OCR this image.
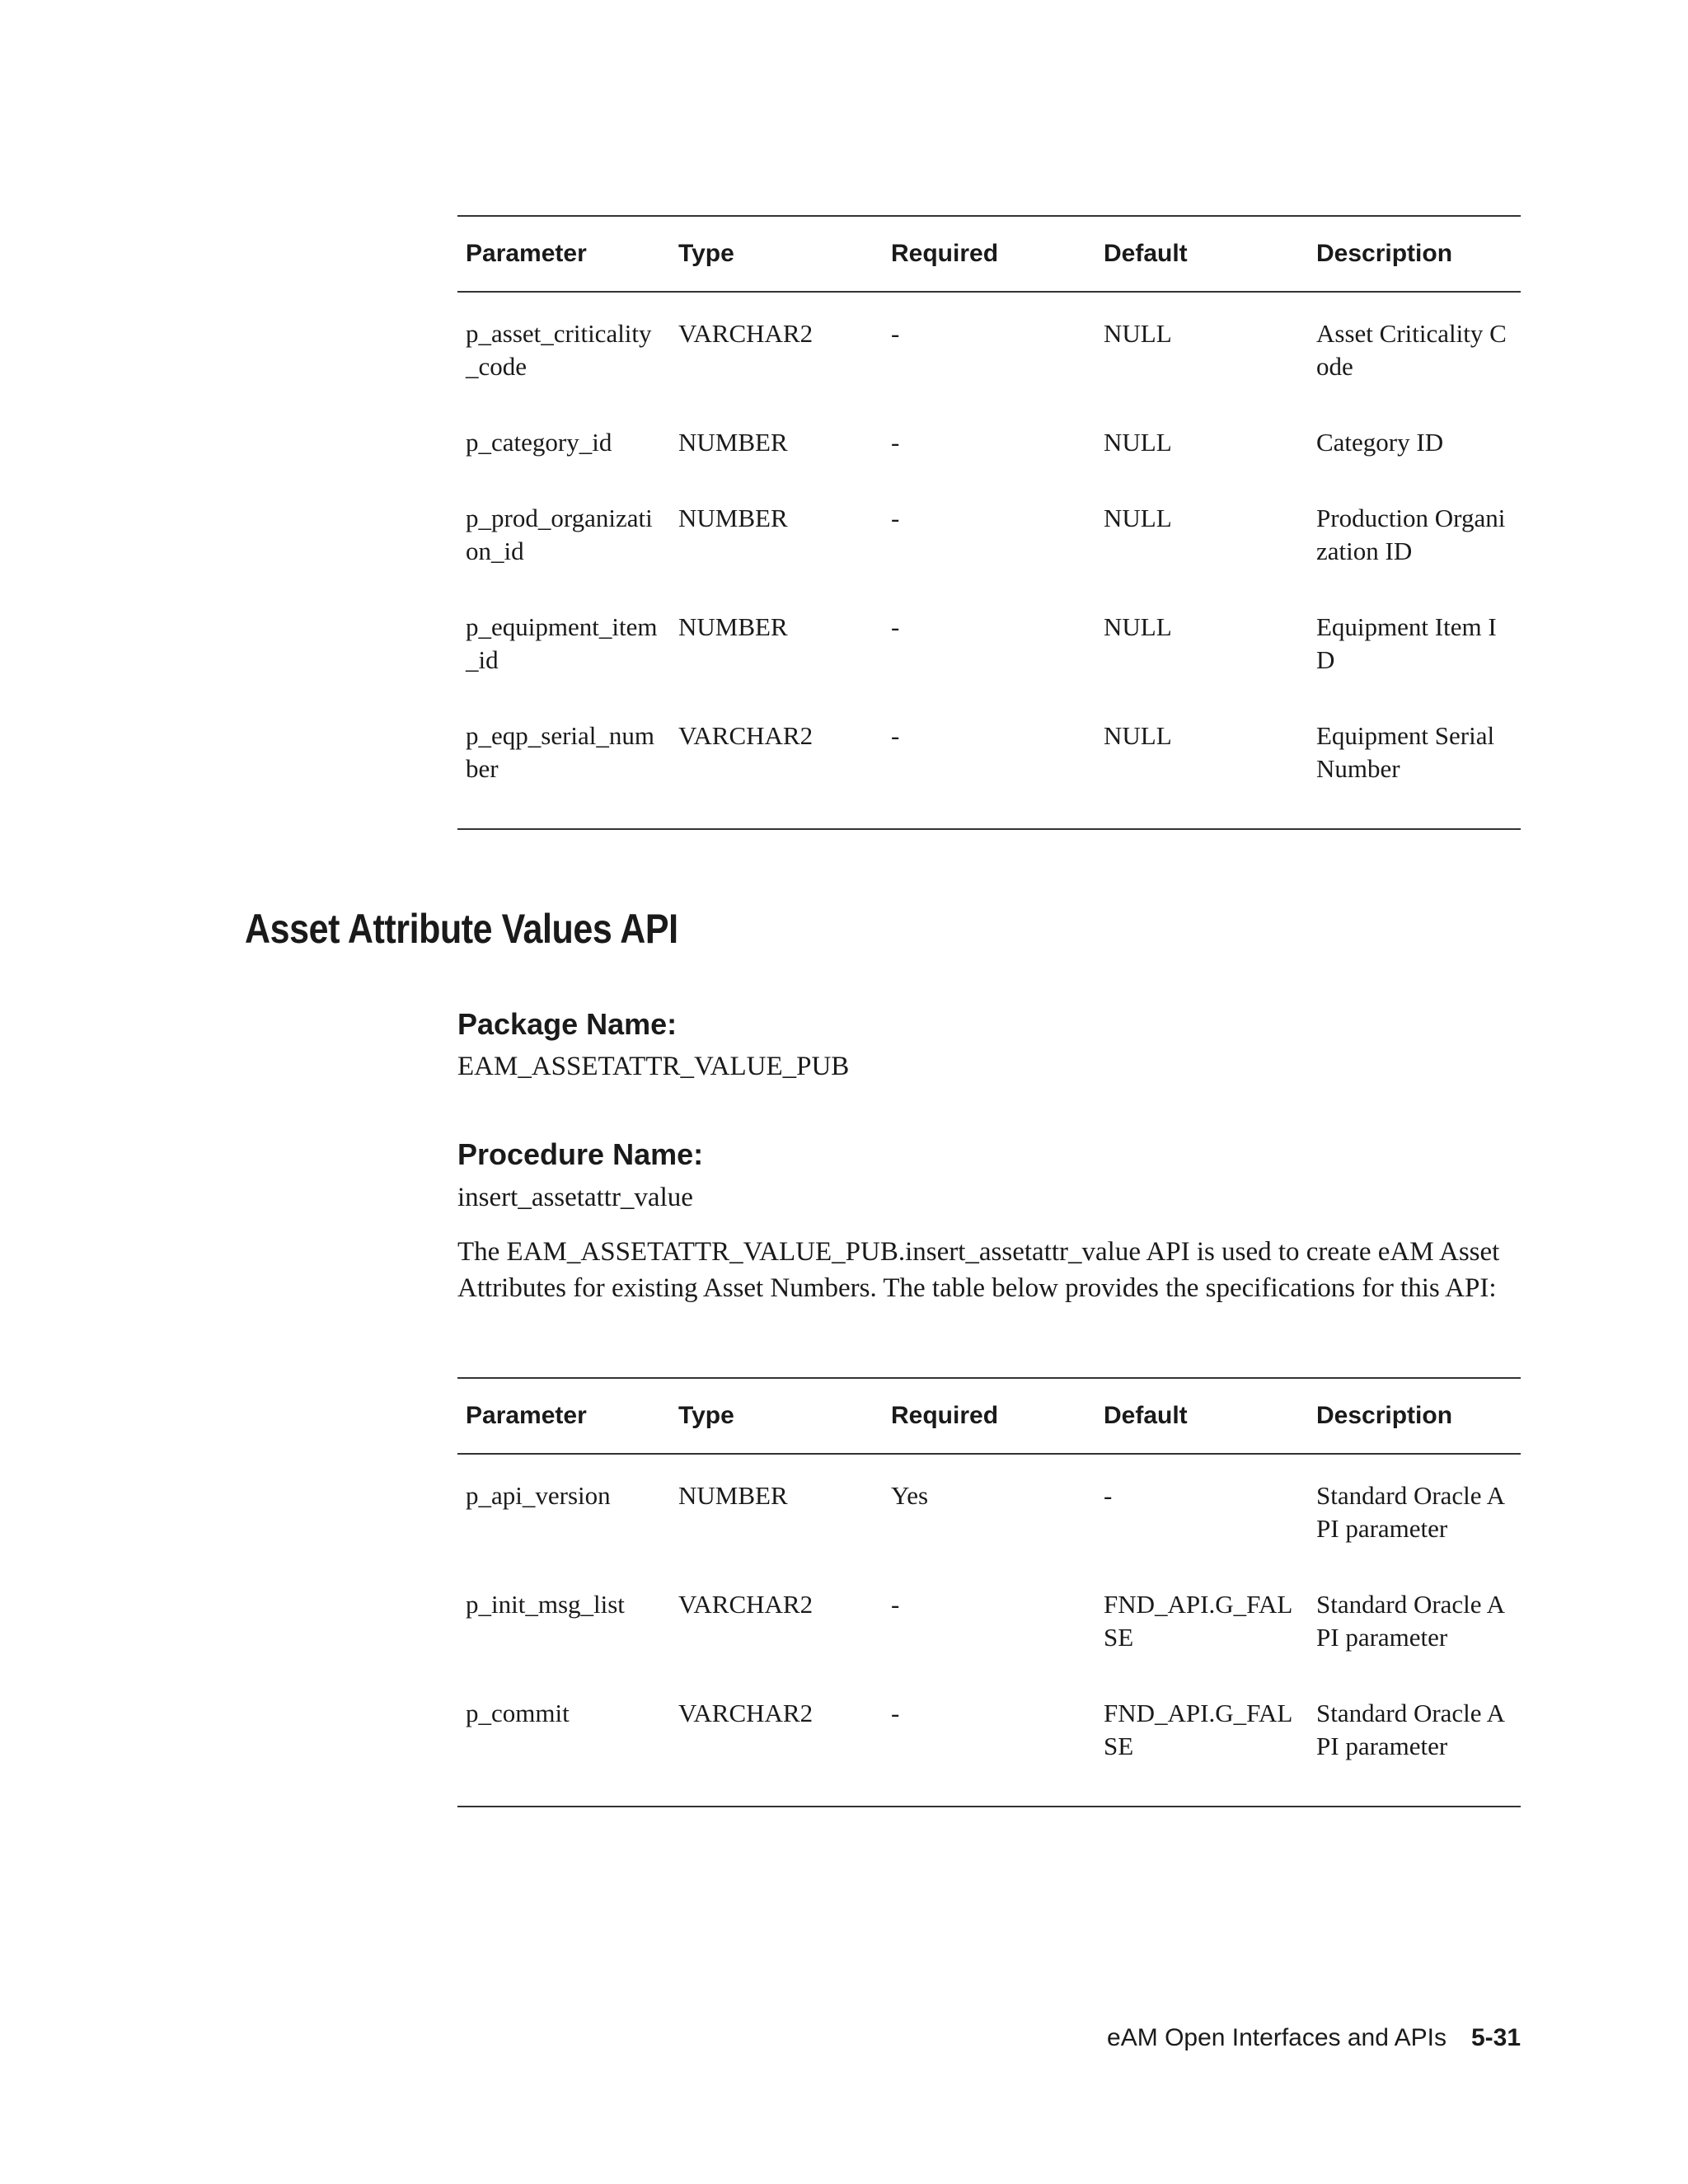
Parameter	Type	Required	Default	Description
p_asset_criticality_code	VARCHAR2	-	NULL	Asset Criticality Code
p_category_id	NUMBER	-	NULL	Category ID
p_prod_organization_id	NUMBER	-	NULL	Production Organization ID
p_equipment_item_id	NUMBER	-	NULL	Equipment Item ID
p_eqp_serial_number	VARCHAR2	-	NULL	Equipment Serial Number
Asset Attribute Values API
Package Name:

EAM_ASSETATTR_VALUE_PUB

Procedure Name:

insert_assetattr_value

The EAM_ASSETATTR_VALUE_PUB.insert_assetattr_value API is used to create eAM Asset Attributes for existing Asset Numbers. The table below provides the specifications for this API:

Parameter	Type	Required	Default	Description
p_api_version	NUMBER	Yes	-	Standard Oracle API parameter
p_init_msg_list	VARCHAR2	-	FND_API.G_FALSE	Standard Oracle API parameter
p_commit	VARCHAR2	-	FND_API.G_FALSE	Standard Oracle API parameter
eAM Open Interfaces and APIs 5-31
